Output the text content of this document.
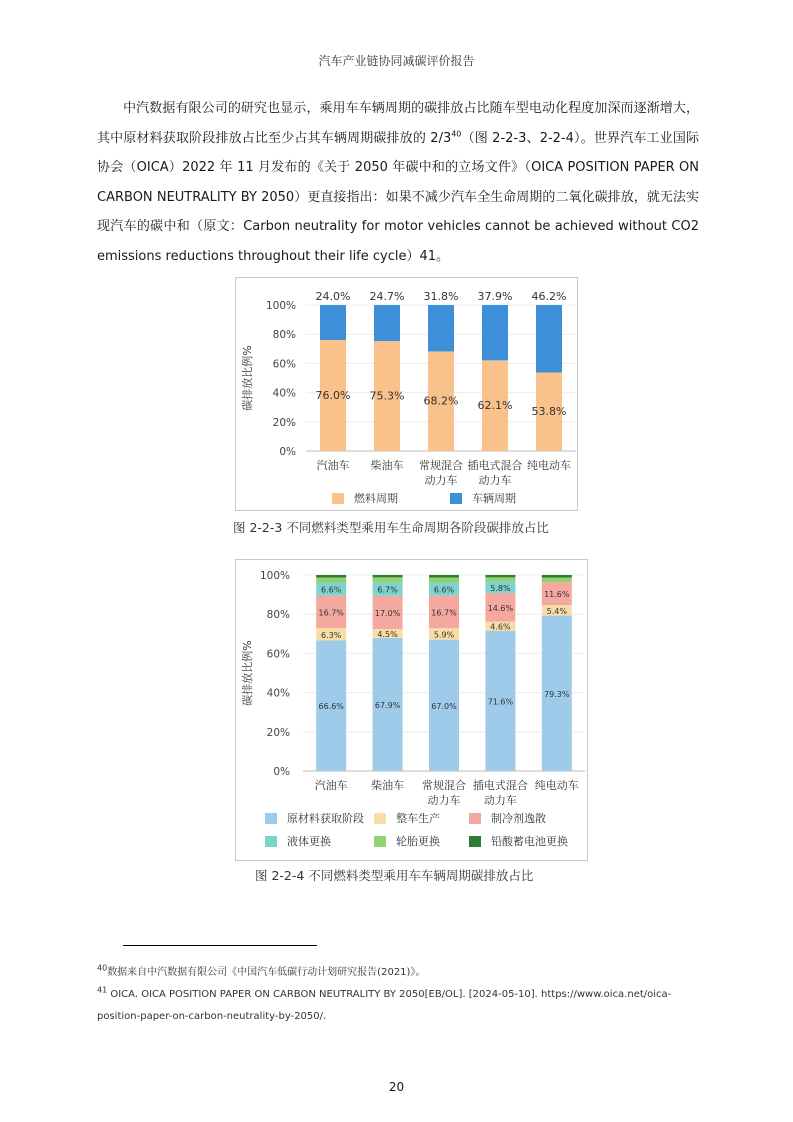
汽车产业链协同减碳评价报告
中汽数据有限公司的研究也显示，乘用车车辆周期的碳排放占比随车型电动化程度加深而逐渐增大，其中原材料获取阶段排放占比至少占其车辆周期碳排放的 $2/3^{40}$（图 2-2-3、2-2-4）。世界汽车工业国际协会（OICA）2022 年 11 月发布的《关于 2050 年碳中和的立场文件》（OICA POSITION PAPER ON CARBON NEUTRALITY BY 2050）更直接指出：如果不减少汽车全生命周期的二氧化碳排放，就无法实现汽车的碳中和（原文：Carbon neutrality for motor vehicles cannot be achieved without CO2 emissions reductions throughout their life cycle）41。
碳排放比例%
0%
20%
40%
60%
80%
100%
76.0%
24.0%
汽油车
75.3%
24.7%
柴油车
68.2%
31.8%
常规混合
动力车
62.1%
37.9%
插电式混合
动力车
53.8%
46.2%
纯电动车
燃料周期	车辆周期
图 2-2-3 不同燃料类型乘用车生命周期各阶段碳排放占比
碳排放比例%
0%
20%
40%
60%
80%
100%
66.6%
6.3%
16.7%
6.6%
汽油车
67.9%
4.5%
17.0%
6.7%
柴油车
67.0%
5.9%
16.7%
6.6%
常规混合
动力车
71.6%
4.6%
14.6%
5.8%
插电式混合
动力车
79.3%
5.4%
11.6%
纯电动车
原材料获取阶段	整车生产	制冷剂逸散
液体更换	轮胎更换	铅酸蓄电池更换
图 2-2-4 不同燃料类型乘用车车辆周期碳排放占比
$^{40}$数据来自中汽数据有限公司《中国汽车低碳行动计划研究报告(2021)》。
$^{41}$ OICA. OICA POSITION PAPER ON CARBON NEUTRALITY BY 2050[EB/OL]. [2024-05-10]. https://www.oica.net/oica-position-paper-on-carbon-neutrality-by-2050/.
20
